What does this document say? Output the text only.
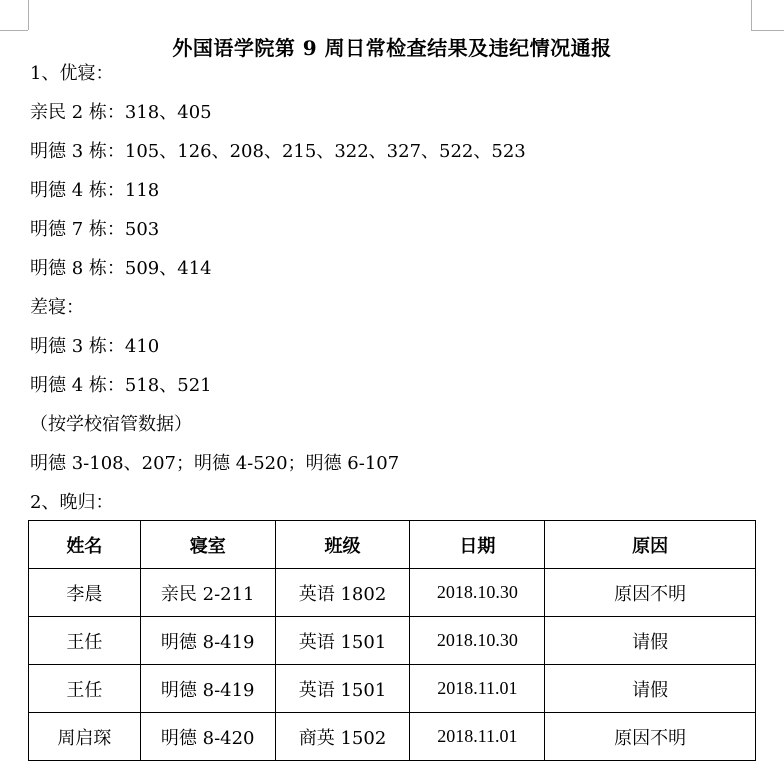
外国语学院第 9 周日常检查结果及违纪情况通报
1、优寝：
亲民 2 栋：318、405
明德 3 栋：105、126、208、215、322、327、522、523
明德 4 栋：118
明德 7 栋：503
明德 8 栋：509、414
差寝：
明德 3 栋：410
明德 4 栋：518、521
（按学校宿管数据）
明德 3-108、207；明德 4-520；明德 6-107
2、晚归：
姓名	寝室	班级	日期	原因
李晨	亲民 2-211	英语 1802	2018.10.30	原因不明
王任	明德 8-419	英语 1501	2018.10.30	请假
王任	明德 8-419	英语 1501	2018.11.01	请假
周启琛	明德 8-420	商英 1502	2018.11.01	原因不明
